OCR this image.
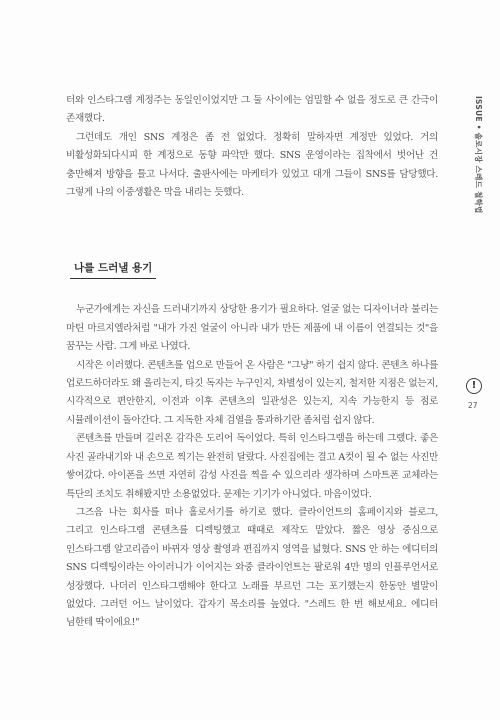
ISSUE • 솔로시장 스레드 철학법
!
27

터와 인스타그램 계정주는 동일인이었지만 그 둘 사이에는 엄밀할 수 없을 정도로 큰 간극이 존재했다.

그런데도 개인 SNS 계정은 좀 전 없었다. 정확히 말하자면 계정만 있었다. 거의 비활성화되다시피 한 계정으로 동향 파악만 했다. SNS 운영이라는 집착에서 벗어난 건 충만해져 방향을 틀고 나서다. 출판사에는 마케터가 있었고 대개 그들이 SNS를 담당했다. 그렇게 나의 이중생활은 막을 내리는 듯했다.

나를 드러낼 용기

누군가에게는 자신을 드러내기까지 상당한 용기가 필요하다. 얼굴 없는 디자이너라 불리는 마틴 마르지엘라처럼 "내가 가진 얼굴이 아니라 내가 만든 제품에 내 이름이 연결되는 것"을 꿈꾸는 사람. 그게 바로 나였다.

시작은 이러했다. 콘텐츠를 업으로 만들어 온 사람은 "그냥" 하기 쉽지 않다. 콘텐츠 하나를 업로드하더라도 왜 올리는지, 타깃 독자는 누구인지, 차별성이 있는지, 철저한 지점은 없는지, 시각적으로 편안한지, 이전과 이후 콘텐츠의 일관성은 있는지, 지속 가능한지 등 점로 시뮬레이션이 돌아간다. 그 지독한 자체 검열을 통과하기란 좀처럼 쉽지 않다.

콘텐츠를 만들며 길러온 감각은 도리어 독이었다. 특히 인스타그램을 하는데 그랬다. 좋은 사진 골라내기와 내 손으로 찍기는 완전히 달랐다. 사진집에는 결고 A컷이 될 수 없는 사진만 쌓여갔다. 아이폰을 쓰면 자연히 감성 사진을 찍을 수 있으리라 생각하며 스마트폰 교체라는 특단의 조치도 취해봤지만 소용없었다. 문제는 기기가 아니었다. 마음이었다.

그즈음 나는 회사를 떠나 홀로서기를 하기로 했다. 클라이언트의 홈페이지와 블로그, 그리고 인스타그램 콘텐츠를 디렉팅했고 때때로 제작도 맡았다. 짧은 영상 중심으로 인스타그램 알고리즘이 바뀌자 영상 촬영과 편집까지 영역을 넓혔다. SNS 안 하는 에디터의 SNS 디렉팅이라는 아이러니가 이어지는 와중 클라이언트는 팔로워 4만 명의 인플루언서로 성장했다. 나더러 인스타그램해야 한다고 노래를 부르던 그는 포기했는지 한동안 별말이 없었다. 그러던 어느 날이었다. 갑자기 목소리를 높였다. "스레드 한 번 해보세요. 에디터 님한테 딱이에요!"
